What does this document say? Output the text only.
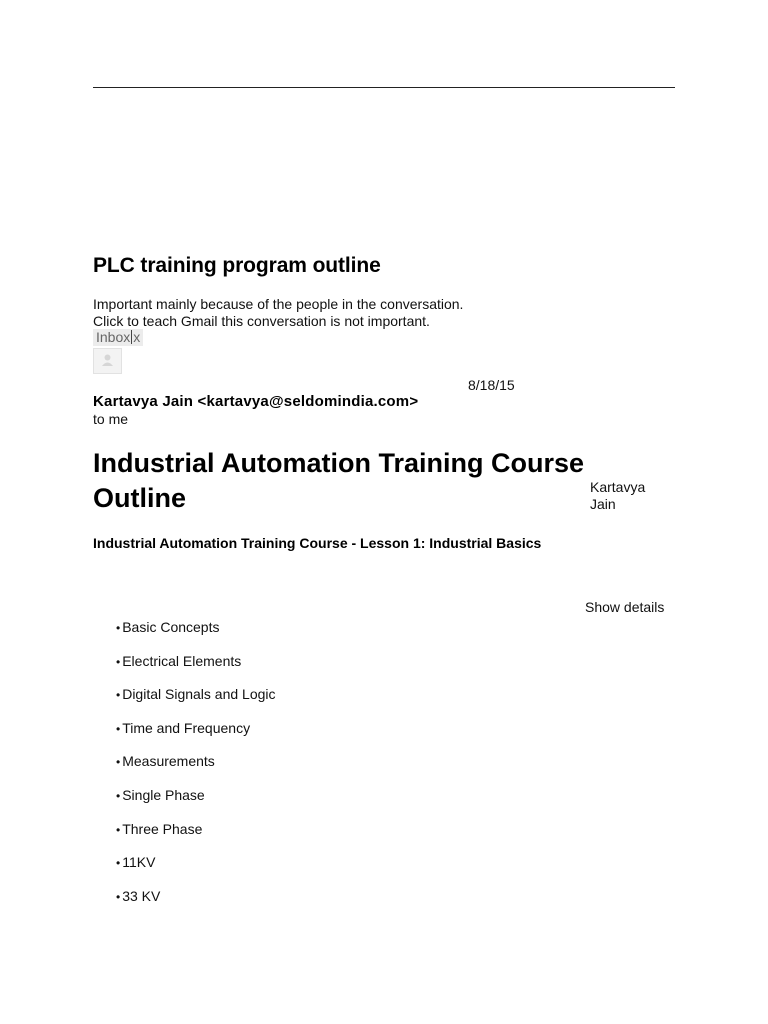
PLC training program outline
Important mainly because of the people in the conversation.
Click to teach Gmail this conversation is not important.
Inbox x
8/18/15
Kartavya Jain <kartavya@seldomindia.com>
to me
Industrial Automation Training Course Outline	Kartavya
Jain
Industrial Automation Training Course - Lesson 1: Industrial Basics
Show details
• Basic Concepts
• Electrical Elements
• Digital Signals and Logic
• Time and Frequency
• Measurements
• Single Phase
• Three Phase
• 11KV
• 33 KV
